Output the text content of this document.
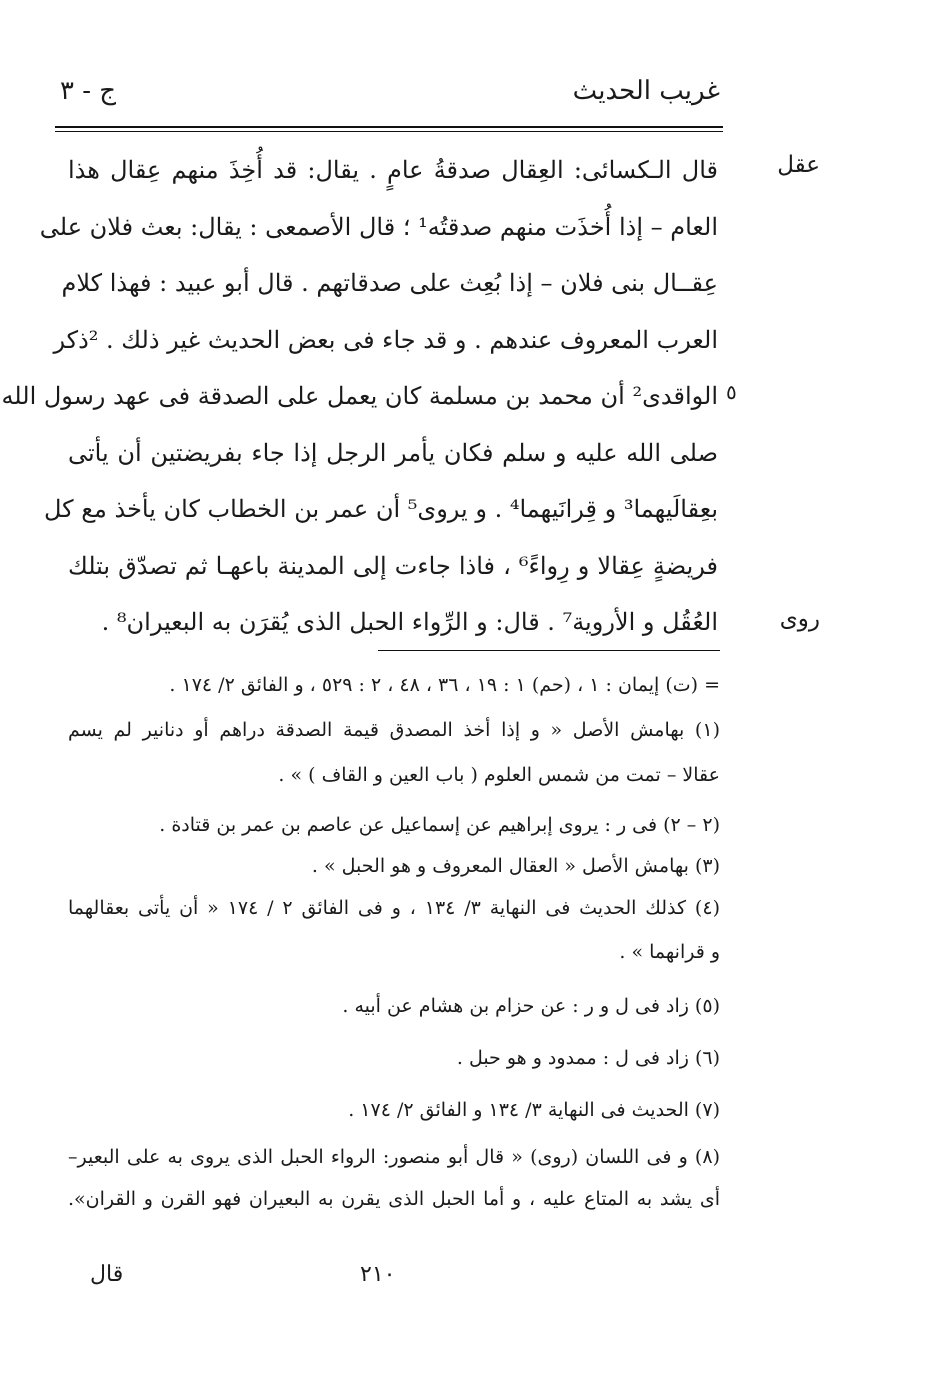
غريب الحديث
ج - ٣
عقل
روى
٥
قال الـكسائى: العِقال صدقةُ عامٍ . يقال: قد أُخِذَ منهم عِقال هذا
العام – إذا أُخذَت منهم صدقتُه¹ ؛ قال الأصمعى : يقال: بعث فلان على
عِقــال بنى فلان – إذا بُعِث على صدقاتهم . قال أبو عبيد : فهذا كلام
العرب المعروف عندهم . و قد جاء فى بعض الحديث غير ذلك . ²ذكر
الواقدى² أن محمد بن مسلمة كان يعمل على الصدقة فى عهد رسول الله
صلى الله عليه و سلم فكان يأمر الرجل إذا جاء بفريضتين أن يأتى
بعِقالَيهما³ و قِرانَيهما⁴ . و يروى⁵ أن عمر بن الخطاب كان يأخذ مع كل
فريضةٍ عِقالا و رِواءً⁶ ، فاذا جاءت إلى المدينة باعهـا ثم تصدّق بتلك
العُقُل و الأروية⁷ . قال: و الرِّواء الحبل الذى يُقرَن به البعيران⁸ .
= (ت) إيمان : ١ ، (حم) ١ : ١٩ ، ٣٦ ، ٤٨ ، ٢ : ٥٢٩ ، و الفائق ٢/ ١٧٤ .
(١) بهامش الأصل « و إذا أخذ المصدق قيمة الصدقة دراهم أو دنانير لم يسم
عقالا – تمت من شمس العلوم ( باب العين و القاف ) » .
(٢ – ٢) فى ر : يروى إبراهيم عن إسماعيل عن عاصم بن عمر بن قتادة .
(٣) بهامش الأصل « العقال المعروف و هو الحبل » .
(٤) كذلك الحديث فى النهاية ٣/ ١٣٤ ، و فى الفائق ٢ / ١٧٤ « أن يأتى بعقالهما
و قرانهما » .
(٥) زاد فى ل و ر : عن حزام بن هشام عن أبيه .
(٦) زاد فى ل : ممدود و هو حبل .
(٧) الحديث فى النهاية ٣/ ١٣٤ و الفائق ٢/ ١٧٤ .
(٨) و فى اللسان (روى) « قال أبو منصور: الرواء الحبل الذى يروى به على البعير–
أى يشد به المتاع عليه ، و أما الحبل الذى يقرن به البعيران فهو القرن و القران».
٢١٠
قال
